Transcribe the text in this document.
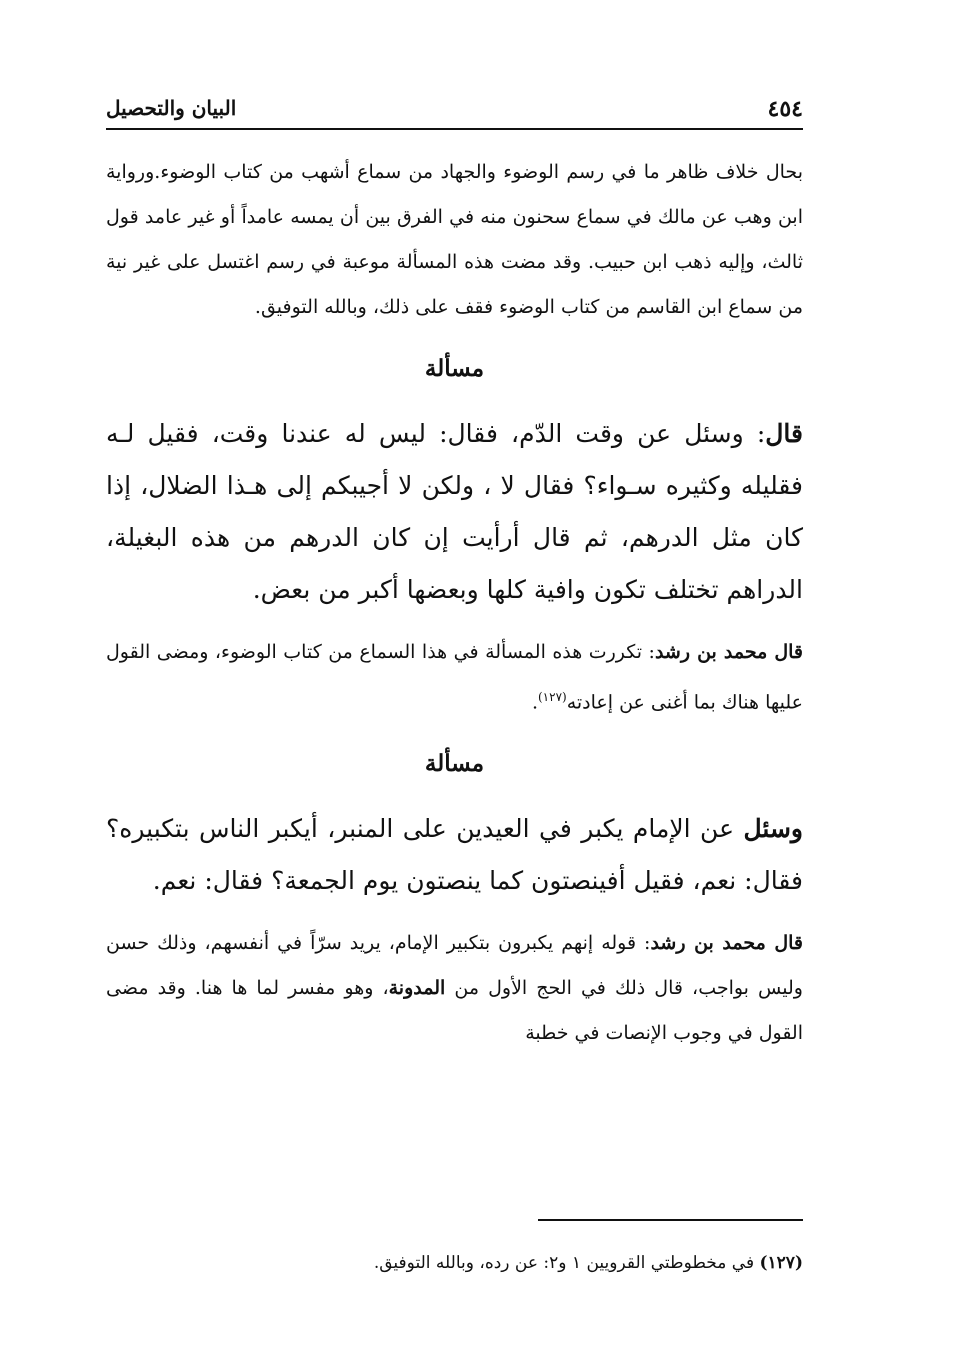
٤٥٤
البيان والتحصيل

بحال خلاف ظاهر ما في رسم الوضوء والجهاد من سماع أشهب من كتاب الوضوء.ورواية ابن وهب عن مالك في سماع سحنون منه في الفرق بين أن يمسه عامداً أو غير عامد قول ثالث، وإليه ذهب ابن حبيب. وقد مضت هذه المسألة موعبة في رسم اغتسل على غير نية من سماع ابن القاسم من كتاب الوضوء فقف على ذلك، وبالله التوفيق.

مسألة

قال: وسئل عن وقت الدّم، فقال: ليس له عندنا وقت، فقيل لـه فقليله وكثيره سـواء؟ فقال لا ، ولكن لا أجيبكم إلى هـذا الضلال، إذا كان مثل الدرهم، ثم قال أرأيت إن كان الدرهم من هذه البغيلة، الدراهم تختلف تكون وافية كلها وبعضها أكبر من بعض.

قال محمد بن رشد: تكررت هذه المسألة في هذا السماع من كتاب الوضوء، ومضى القول عليها هناك بما أغنى عن إعادته$^{(١٢٧)}$.

مسألة

وسئل عن الإمام يكبر في العيدين على المنبر، أيكبر الناس بتكبيره؟ فقال: نعم، فقيل أفينصتون كما ينصتون يوم الجمعة؟ فقال: نعم.

قال محمد بن رشد: قوله إنهم يكبرون بتكبير الإمام، يريد سرّاً في أنفسهم، وذلك حسن وليس بواجب، قال ذلك في الحج الأول من المدونة، وهو مفسر لما ها هنا. وقد مضى القول في وجوب الإنصات في خطبة

(١٢٧) في مخطوطتي القرويين ١ و٢: عن رده، وبالله التوفيق.
